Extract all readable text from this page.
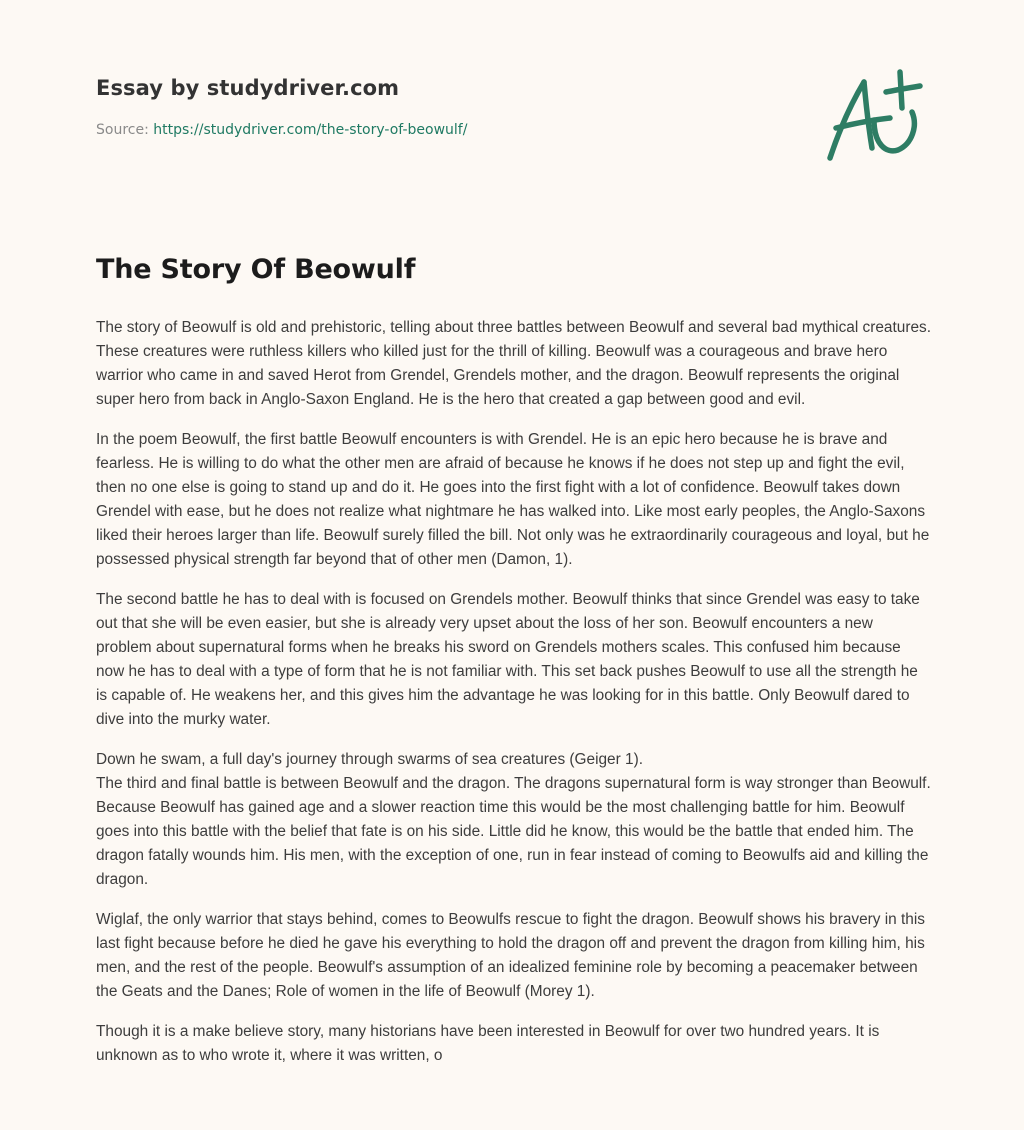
Essay by studydriver.com
Source: https://studydriver.com/the-story-of-beowulf/
The Story Of Beowulf

The story of Beowulf is old and prehistoric, telling about three battles between Beowulf and several bad mythical creatures. These creatures were ruthless killers who killed just for the thrill of killing. Beowulf was a courageous and brave hero warrior who came in and saved Herot from Grendel, Grendels mother, and the dragon. Beowulf represents the original super hero from back in Anglo-Saxon England. He is the hero that created a gap between good and evil.

In the poem Beowulf, the first battle Beowulf encounters is with Grendel. He is an epic hero because he is brave and fearless. He is willing to do what the other men are afraid of because he knows if he does not step up and fight the evil, then no one else is going to stand up and do it. He goes into the first fight with a lot of confidence. Beowulf takes down Grendel with ease, but he does not realize what nightmare he has walked into. Like most early peoples, the Anglo-Saxons liked their heroes larger than life. Beowulf surely filled the bill. Not only was he extraordinarily courageous and loyal, but he possessed physical strength far beyond that of other men (Damon, 1).

The second battle he has to deal with is focused on Grendels mother. Beowulf thinks that since Grendel was easy to take out that she will be even easier, but she is already very upset about the loss of her son. Beowulf encounters a new problem about supernatural forms when he breaks his sword on Grendels mothers scales. This confused him because now he has to deal with a type of form that he is not familiar with. This set back pushes Beowulf to use all the strength he is capable of. He weakens her, and this gives him the advantage he was looking for in this battle. Only Beowulf dared to dive into the murky water.

Down he swam, a full day's journey through swarms of sea creatures (Geiger 1).
The third and final battle is between Beowulf and the dragon. The dragons supernatural form is way stronger than Beowulf. Because Beowulf has gained age and a slower reaction time this would be the most challenging battle for him. Beowulf goes into this battle with the belief that fate is on his side. Little did he know, this would be the battle that ended him. The dragon fatally wounds him. His men, with the exception of one, run in fear instead of coming to Beowulfs aid and killing the dragon.

Wiglaf, the only warrior that stays behind, comes to Beowulfs rescue to fight the dragon. Beowulf shows his bravery in this last fight because before he died he gave his everything to hold the dragon off and prevent the dragon from killing him, his men, and the rest of the people. Beowulf's assumption of an idealized feminine role by becoming a peacemaker between the Geats and the Danes; Role of women in the life of Beowulf (Morey 1).

Though it is a make believe story, many historians have been interested in Beowulf for over two hundred years. It is unknown as to who wrote it, where it was written, o
